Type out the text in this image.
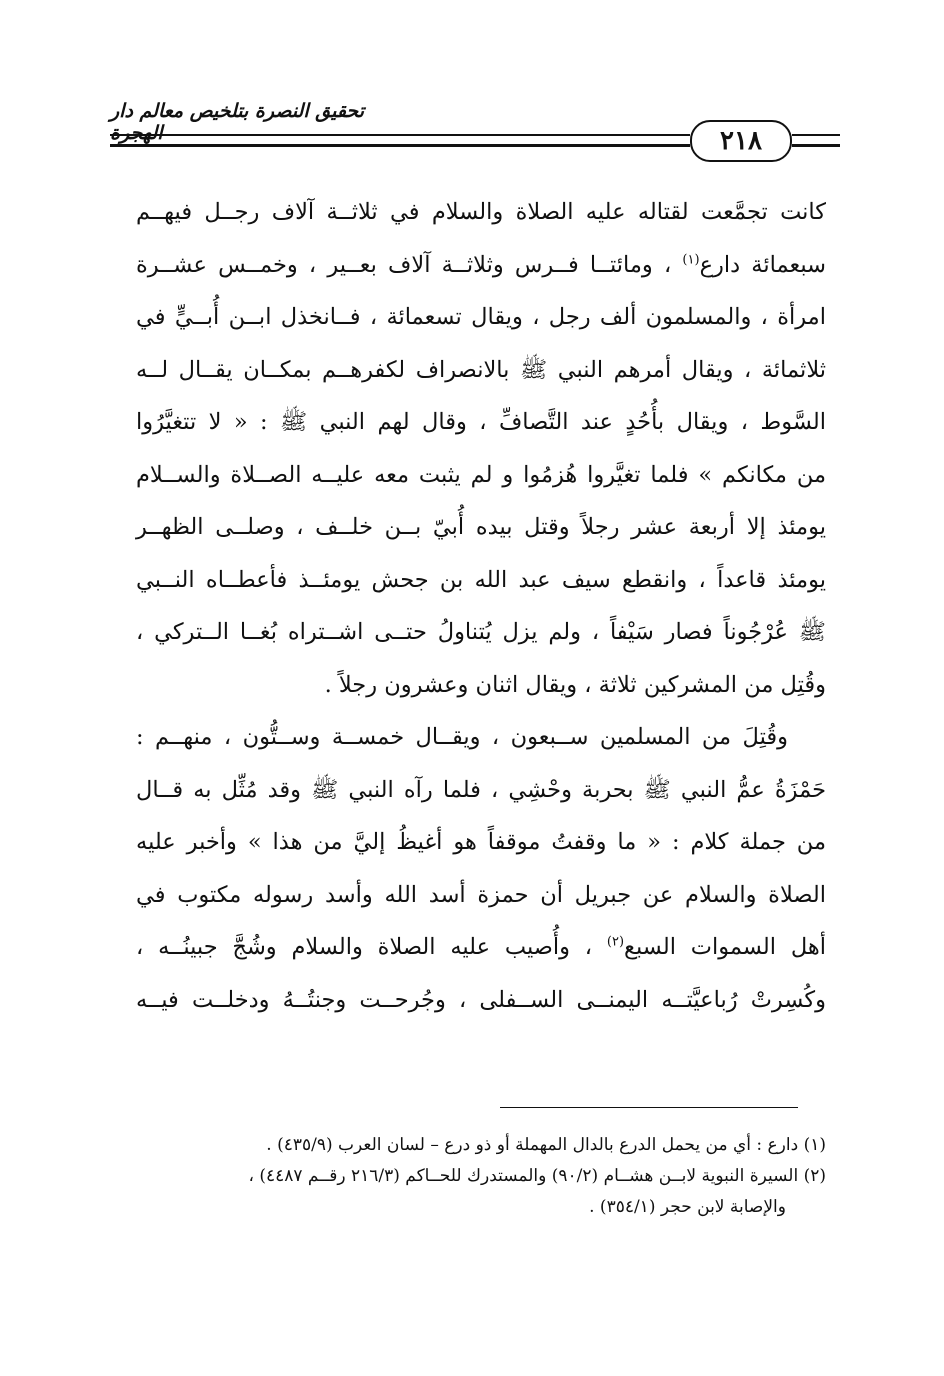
تحقيق النصرة بتلخيص معالم دار الهجرة	٢١٨
كانت تجمَّعت لقتاله عليه الصلاة والسلام في ثلاثــة آلاف رجــل فيهــم
سبعمائة دارع$^{(١)}$ ، ومائتــا فــرس وثلاثــة آلاف بعــير ، وخمــس عشــرة
امرأة ، والمسلمون ألف رجل ، ويقال تسعمائة ، فــانخذل ابــن أُبــيٍّ في
ثلاثمائة ، ويقال أمرهم النبي ﷺ بالانصراف لكفرهــم بمكــان يقــال لــه
السَّوط ، ويقال بأُحُدٍ عند التَّصافِّ ، وقال لهم النبي ﷺ : « لا تتغيَّرُوا
من مكانكم » فلما تغيَّروا هُزمُوا و لم يثبت معه عليــه الصــلاة والســلام
يومئذ إلا أربعة عشر رجلاً وقتل بيده أُبيّ بــن خلــف ، وصلــى الظهــر
يومئذ قاعداً ، وانقطع سيف عبد الله بن جحش يومئــذ فأعطــاه النــبي
ﷺ عُرْجُوناً فصار سَيْفاً ، ولم يزل يُتناولُ حتــى اشــتراه بُغــا الــتركي ،
وقُتِل من المشركين ثلاثة ، ويقال اثنان وعشرون رجلاً .
وقُتِلَ من المسلمين ســبعون ، ويقــال خمســة وســتُّون ، منهــم :
حَمْزَةُ عمُّ النبي ﷺ بحربة وحْشِي ، فلما رآه النبي ﷺ وقد مُثِّل به قــال
من جملة كلام : « ما وقفتُ موقفاً هو أغيظُ إليَّ من هذا » وأخبر عليه
الصلاة والسلام عن جبريل أن حمزة أسد الله وأسد رسوله مكتوب في
أهل السموات السبع$^{(٢)}$ ، وأُصيب عليه الصلاة والسلام وشُجَّ جبينُــه ،
وكُسِرتْ رُباعيَّتــه اليمنــى الســفلى ، وجُرحــت وجنتُــهُ ودخلــت فيــه
(١) دارع : أي من يحمل الدرع بالدال المهملة أو ذو درع – لسان العرب (٤٣٥/٩) .
(٢) السيرة النبوية لابــن هشــام (٩٠/٢) والمستدرك للحــاكم (٢١٦/٣ رقــم ٤٤٨٧) ،
والإصابة لابن حجر (٣٥٤/١) .
